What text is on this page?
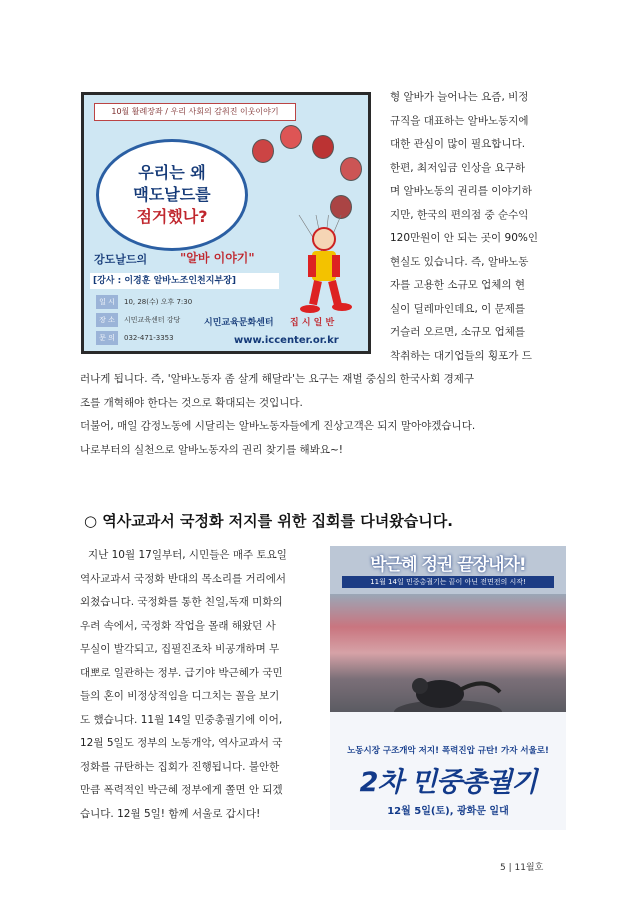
10월 활례장좌 / 우리 사회의 감춰진 이웃이야기
우리는 왜
맥도날드를
점거했나?
강도날드의	"알바 이야기"
[강사 : 이경훈 알바노조인천지부장]
일 시 10, 28(수) 오후 7:30
장 소 시민교육센터 강당
문 의 032-471-3353
시민교육문화센터 집 시 일 반
www.iccenter.or.kr
형 알바가 늘어나는 요즘, 비정
규직을 대표하는 알바노동지에
대한 관심이 많이 필요합니다.
한편, 최저임금 인상을 요구하
며 알바노동의 권리를 이야기하
지만, 한국의 편의점 중 순수익
120만원이 안 되는 곳이 90%인
현실도 있습니다. 즉, 알바노동
자를 고용한 소규모 업체의 현
실이 딜레마인데요, 이 문제를
거슬러 오르면, 소규모 업체를
착취하는 대기업들의 횡포가 드
러나게 됩니다. 즉, '알바노동자 좀 살게 해달라'는 요구는 재벌 중심의 한국사회 경제구
조를 개혁해야 한다는 것으로 확대되는 것입니다.
더불어, 매일 감정노동에 시달리는 알바노동자들에게 진상고객은 되지 말아야겠습니다.
나로부터의 실천으로 알바노동자의 권리 찾기를 해봐요~!
○ 역사교과서 국정화 저지를 위한 집회를 다녀왔습니다.
지난 10월 17일부터, 시민들은 매주 토요일
역사교과서 국정화 반대의 목소리를 거리에서
외쳤습니다. 국정화를 통한 친일,독재 미화의
우려 속에서, 국정화 작업을 몰래 해왔던 사
무실이 발각되고, 집필진조차 비공개하며 무
대뽀로 일관하는 정부. 급기야 박근혜가 국민
들의 혼이 비정상적임을 디그치는 꼴을 보기
도 했습니다. 11월 14일 민중총궐기에 이어,
12월 5일도 정부의 노동개악, 역사교과서 국
정화를 규탄하는 집회가 진행됩니다. 불안한
만큼 폭력적인 박근혜 정부에게 쫄면 안 되겠
습니다. 12월 5일! 함께 서울로 갑시다!
박근혜 정권 끝장내자!
11월 14일 민중총궐기는 끝이 아닌 전면전의 시작!
노동시장 구조개악 저지! 폭력진압 규탄! 가자 서울로!
2차 민중총궐기
12월 5일(토), 광화문 일대
5 | 11월호
